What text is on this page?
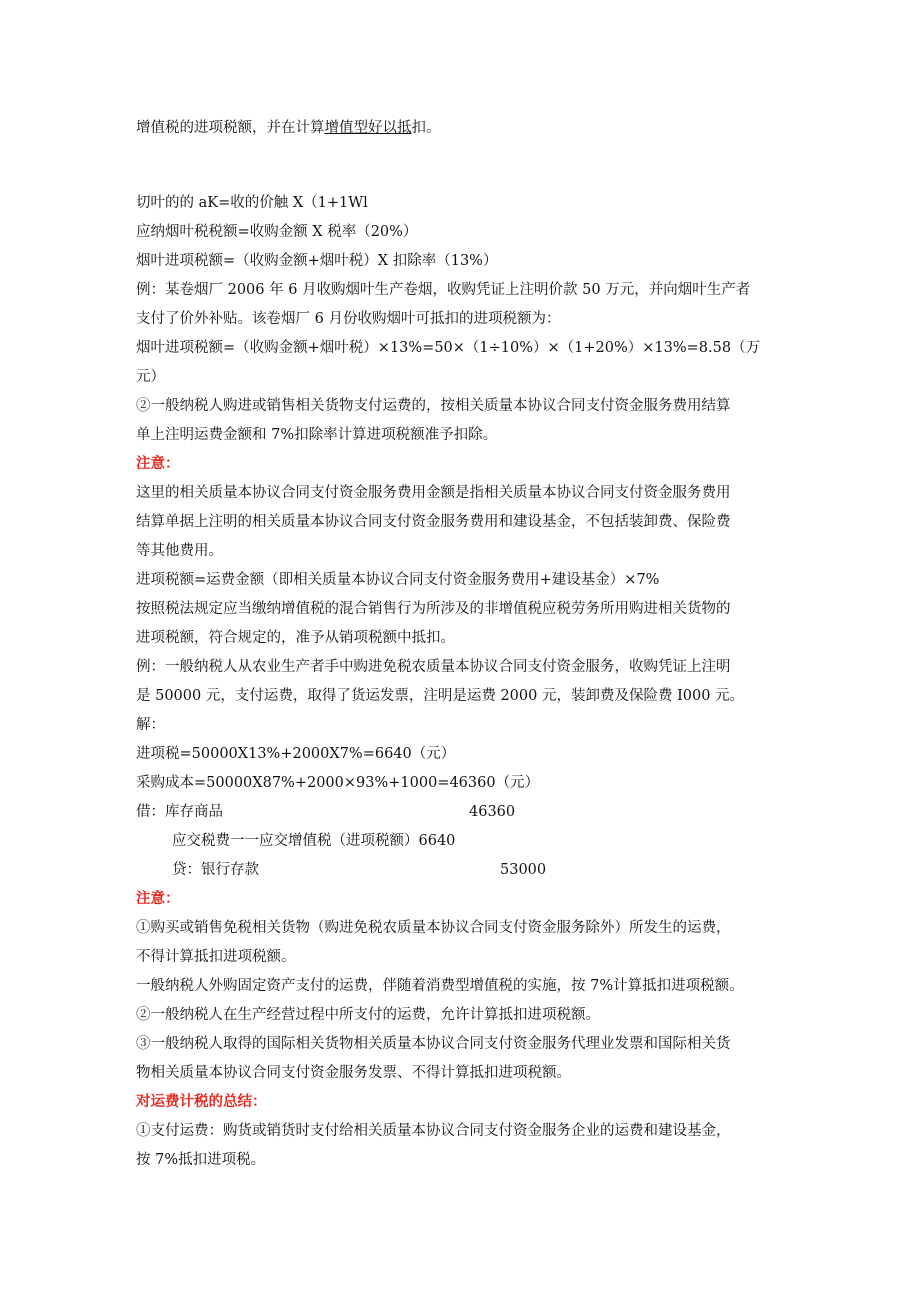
增值税的进项税额，并在计算增值型好以抵扣。
切叶的的 aK=收的价触 X（1+1Wl
应纳烟叶税税额=收购金额 X 税率（20%）
烟叶进项税额=（收购金额+烟叶税）X 扣除率（13%）
例：某卷烟厂 2006 年 6 月收购烟叶生产卷烟，收购凭证上注明价款 50 万元，并向烟叶生产者
支付了价外补贴。该卷烟厂 6 月份收购烟叶可抵扣的进项税额为：
烟叶进项税额=（收购金额+烟叶税）×13%=50×（1÷10%）×（1+20%）×13%=8.58（万
元）
②一般纳税人购进或销售相关货物支付运费的，按相关质量本协议合同支付资金服务费用结算
单上注明运费金额和 7%扣除率计算进项税额准予扣除。
注意：
这里的相关质量本协议合同支付资金服务费用金额是指相关质量本协议合同支付资金服务费用
结算单据上注明的相关质量本协议合同支付资金服务费用和建设基金，不包括装卸费、保险费
等其他费用。
进项税额=运费金额（即相关质量本协议合同支付资金服务费用+建设基金）×7%
按照税法规定应当缴纳增值税的混合销售行为所涉及的非增值税应税劳务所用购进相关货物的
进项税额，符合规定的，准予从销项税额中抵扣。
例：一般纳税人从农业生产者手中购进免税农质量本协议合同支付资金服务，收购凭证上注明
是 50000 元，支付运费，取得了货运发票，注明是运费 2000 元，装卸费及保险费 I000 元。
解：
进项税=50000X13%+2000X7%=6640（元）
采购成本=50000X87%+2000×93%+1000=46360（元）
借：库存商品	46360
应交税费一一应交增值税（进项税额）6640
贷：银行存款	53000
注意：
①购买或销售免税相关货物（购进免税农质量本协议合同支付资金服务除外）所发生的运费，
不得计算抵扣进项税额。
一般纳税人外购固定资产支付的运费，伴随着消费型增值税的实施，按 7%计算抵扣进项税额。
②一般纳税人在生产经营过程中所支付的运费，允许计算抵扣进项税额。
③一般纳税人取得的国际相关货物相关质量本协议合同支付资金服务代理业发票和国际相关货
物相关质量本协议合同支付资金服务发票、不得计算抵扣进项税额。
对运费计税的总结：
①支付运费：购货或销货时支付给相关质量本协议合同支付资金服务企业的运费和建设基金，
按 7%抵扣进项税。
